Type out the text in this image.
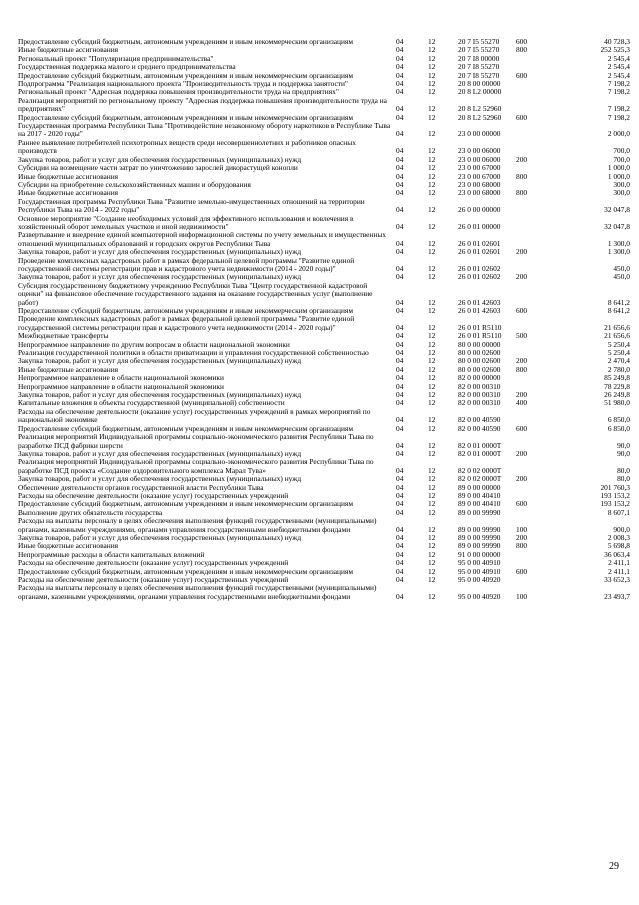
Предоставление субсидий бюджетным, автономным учреждениям и иным некоммерческим организациям	04	12	20 7 I5 55270	600	40 728,3
Иные бюджетные ассигнования	04	12	20 7 I5 55270	800	252 525,3
Региональный проект "Популяризация предпринимательства"	04	12	20 7 I8 00000	2 545,4
Государственная поддержка малого и среднего предпринимательства	04	12	20 7 I8 55270	2 545,4
Предоставление субсидий бюджетным, автономным учреждениям и иным некоммерческим организациям	04	12	20 7 I8 55270	600	2 545,4
Подпрограмма "Реализация национального проекта "Производительность труда и поддержка занятости"	04	12	20 8 00 00000	7 198,2
Региональный проект "Адресная поддержка повышения производительности труда на предприятиях"	04	12	20 8 L2 00000	7 198,2
Реализация мероприятий по региональному проекту "Адресная поддержка повышения производительности труда на предприятиях"	04	12	20 8 L2 52960	7 198,2
Предоставление субсидий бюджетным, автономным учреждениям и иным некоммерческим организациям	04	12	20 8 L2 52960	600	7 198,2
Государственная программа Республики Тыва "Противодействие незаконному обороту наркотиков в Республике Тыва на 2017 - 2020 годы"	04	12	23 0 00 00000	2 000,0
Раннее выявление потребителей психотропных веществ среди несовершеннолетних и работников опасных производств	04	12	23 0 00 06000	700,0
Закупка товаров, работ и услуг для обеспечения государственных (муниципальных) нужд	04	12	23 0 00 06000	200	700,0
Субсидии на возмещение части затрат по уничтожению зарослей дикорастущей конопли	04	12	23 0 00 67000	1 000,0
Иные бюджетные ассигнования	04	12	23 0 00 67000	800	1 000,0
Субсидии на приобретение сельскохозяйственных машин и оборудования	04	12	23 0 00 68000	300,0
Иные бюджетные ассигнования	04	12	23 0 00 68000	800	300,0
Государственная программа Республики Тыва "Развитие земельно-имущественных отношений на территории Республики Тыва на 2014 - 2022 годы"	04	12	26 0 00 00000	32 047,8
Основное мероприятие "Создание необходимых условий для эффективного использования и вовлечения в хозяйственный оборот земельных участков и иной недвижимости"	04	12	26 0 01 00000	32 047,8
Развертывание и внедрение единой компьютерной информационной системы по учету земельных и имущественных отношений муниципальных образований и городских округов Республики Тыва	04	12	26 0 01 02601	1 300,0
Закупка товаров, работ и услуг для обеспечения государственных (муниципальных) нужд	04	12	26 0 01 02601	200	1 300,0
Проведение комплексных кадастровых работ в рамках федеральной целевой программы "Развитие единой государственной системы регистрации прав и кадастрового учета недвижимости (2014 - 2020 годы)"	04	12	26 0 01 02602	450,0
Закупка товаров, работ и услуг для обеспечения государственных (муниципальных) нужд	04	12	26 0 01 02602	200	450,0
Субсидия государственному бюджетному учреждению Республики Тыва "Центр государственной кадастровой оценки" на финансовое обеспечение государственного задания на оказание государственных услуг (выполнение работ)	04	12	26 0 01 42603	8 641,2
Предоставление субсидий бюджетным, автономным учреждениям и иным некоммерческим организациям	04	12	26 0 01 42603	600	8 641,2
Проведение комплексных кадастровых работ в рамках федеральной целевой программы "Развитие единой государственной системы регистрации прав и кадастрового учета недвижимости (2014 - 2020 годы)"	04	12	26 0 01 R5110	21 656,6
Межбюджетные трансферты	04	12	26 0 01 R5110	500	21 656,6
Непрограммное направление по другим вопросам в области национальной экономики	04	12	80 0 00 00000	5 250,4
Реализация государственной политики в области приватизации и управления государственной собственностью	04	12	80 0 00 02600	5 250,4
Закупка товаров, работ и услуг для обеспечения государственных (муниципальных) нужд	04	12	80 0 00 02600	200	2 470,4
Иные бюджетные ассигнования	04	12	80 0 00 02600	800	2 780,0
Непрограммное направление в области национальной экономики	04	12	82 0 00 00000	85 249,8
Непрограммное направление в области национальной экономики	04	12	82 0 00 00310	78 229,8
Закупка товаров, работ и услуг для обеспечения государственных (муниципальных) нужд	04	12	82 0 00 00310	200	26 249,8
Капитальные вложения в объекты государственной (муниципальной) собственности	04	12	82 0 00 00310	400	51 980,0
Расходы на обеспечение деятельности (оказание услуг) государственных учреждений в рамках мероприятий по национальной экономике	04	12	82 0 00 40590	6 850,0
Предоставление субсидий бюджетным, автономным учреждениям и иным некоммерческим организациям	04	12	82 0 00 40590	600	6 850,0
Реализация мероприятий Индивидуальной программы социально-экономического развития Республики Тыва по разработке ПСД фабрики шерсти	04	12	82 0 01 0000Т	90,0
Закупка товаров, работ и услуг для обеспечения государственных (муниципальных) нужд	04	12	82 0 01 0000Т	200	90,0
Реализация мероприятий Индивидуальной программы социально-экономического развития Республики Тыва по разработке ПСД проекта «Создание оздоровительного комплекса Марал Тува»	04	12	82 0 02 0000Т	80,0
Закупка товаров, работ и услуг для обеспечения государственных (муниципальных) нужд	04	12	82 0 02 0000Т	200	80,0
Обеспечение деятельности органов государственной власти Республики Тыва	04	12	89 0 00 00000	201 760,3
Расходы на обеспечение деятельности (оказание услуг) государственных учреждений	04	12	89 0 00 40410	193 153,2
Предоставление субсидий бюджетным, автономным учреждениям и иным некоммерческим организациям	04	12	89 0 00 40410	600	193 153,2
Выполнение других обязательств государства	04	12	89 0 00 99990	8 607,1
Расходы на выплаты персоналу в целях обеспечения выполнения функций государственными (муниципальными) органами, казенными учреждениями, органами управления государственными внебюджетными фондами	04	12	89 0 00 99990	100	900,0
Закупка товаров, работ и услуг для обеспечения государственных (муниципальных) нужд	04	12	89 0 00 99990	200	2 008,3
Иные бюджетные ассигнования	04	12	89 0 00 99990	800	5 698,8
Непрограммные расходы в области капитальных вложений	04	12	91 0 00 00000	36 063,4
Расходы на обеспечение деятельности (оказание услуг) государственных учреждений	04	12	95 0 00 40910	2 411,1
Предоставление субсидий бюджетным, автономным учреждениям и иным некоммерческим организациям	04	12	95 0 00 40910	600	2 411,1
Расходы на обеспечение деятельности (оказание услуг) государственных учреждений	04	12	95 0 00 40920	33 652,3
Расходы на выплаты персоналу в целях обеспечения выполнения функций государственными (муниципальными) органами, казенными учреждениями, органами управления государственными внебюджетными фондами	04	12	95 0 00 40920	100	23 493,7
29
